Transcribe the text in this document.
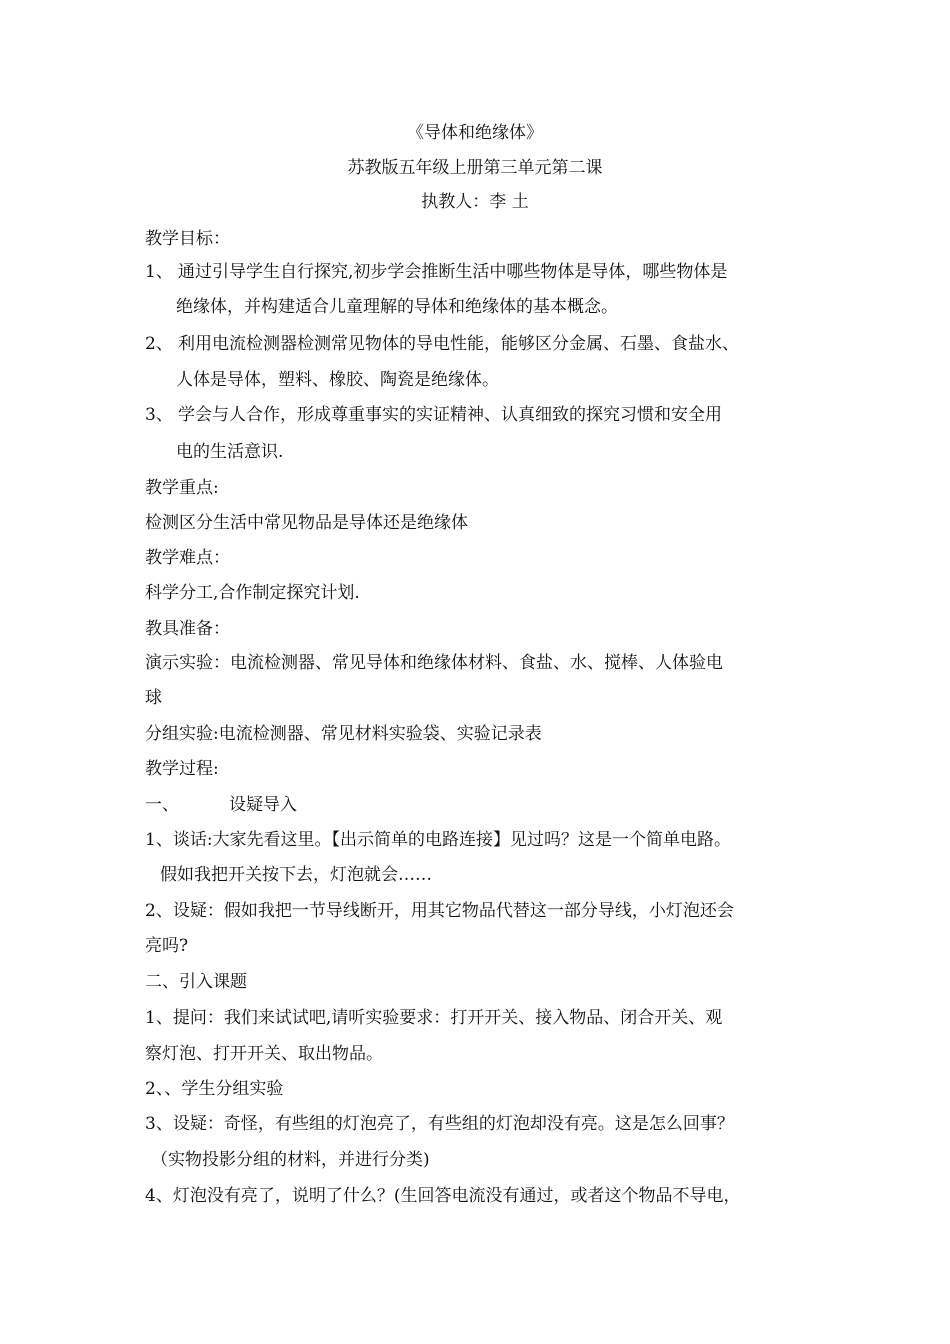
《导体和绝缘体》
苏教版五年级上册第三单元第二课
执教人：李 土
教学目标：
1、 通过引导学生自行探究,初步学会推断生活中哪些物体是导体，哪些物体是
绝缘体，并构建适合儿童理解的导体和绝缘体的基本概念。
2、 利用电流检测器检测常见物体的导电性能，能够区分金属、石墨、食盐水、
人体是导体，塑料、橡胶、陶瓷是绝缘体。
3、 学会与人合作，形成尊重事实的实证精神、认真细致的探究习惯和安全用
电的生活意识.
教学重点:
检测区分生活中常见物品是导体还是绝缘体
教学难点：
科学分工,合作制定探究计划.
教具准备：
演示实验：电流检测器、常见导体和绝缘体材料、食盐、水、搅棒、人体验电
球
分组实验:电流检测器、常见材料实验袋、实验记录表
教学过程:
一、	设疑导入
1、谈话:大家先看这里。【出示简单的电路连接】见过吗？这是一个简单电路。
假如我把开关按下去，灯泡就会……
2、设疑：假如我把一节导线断开，用其它物品代替这一部分导线，小灯泡还会
亮吗?
二、引入课题
1、提问：我们来试试吧,请听实验要求：打开开关、接入物品、闭合开关、观
察灯泡、打开开关、取出物品。
2、、学生分组实验
3、设疑：奇怪，有些组的灯泡亮了，有些组的灯泡却没有亮。这是怎么回事？
（实物投影分组的材料，并进行分类)
4、灯泡没有亮了，说明了什么？(生回答电流没有通过，或者这个物品不导电，
